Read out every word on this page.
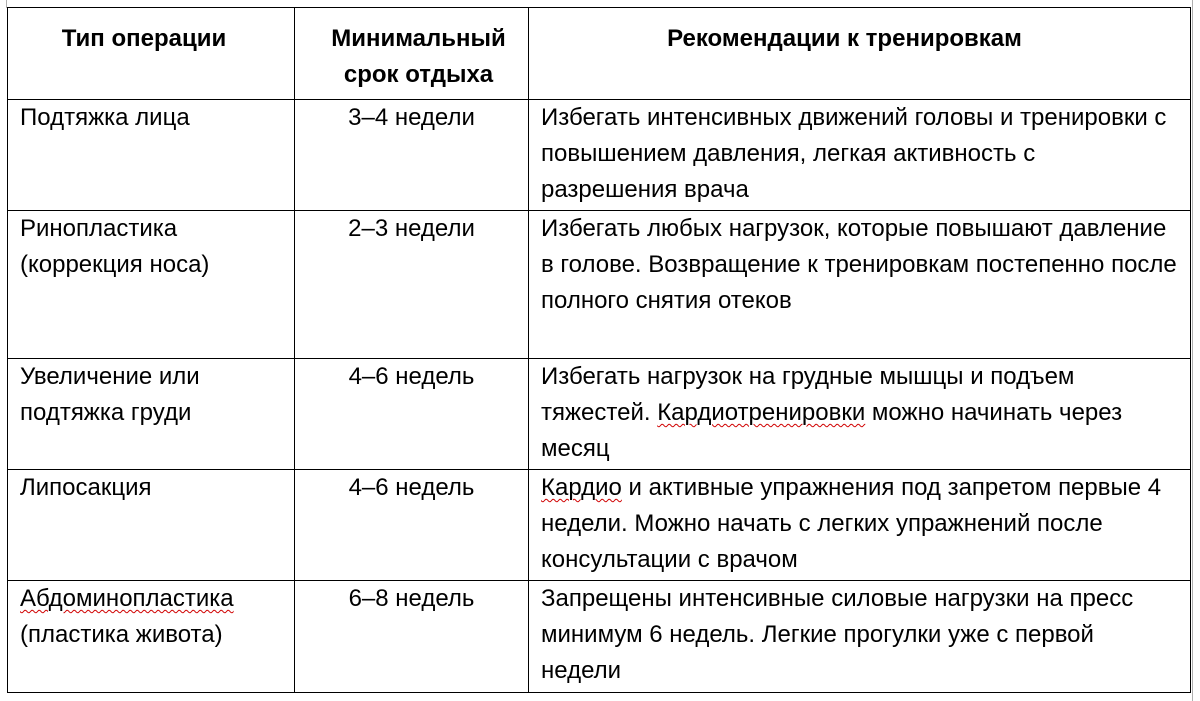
Тип операции	Минимальный срок отдыха	Рекомендации к тренировкам
Подтяжка лица	3–4 недели	Избегать интенсивных движений головы и тренировки с повышением давления, легкая активность с разрешения врача
Ринопластика (коррекция носа)	2–3 недели	Избегать любых нагрузок, которые повышают давление в голове. Возвращение к тренировкам постепенно после полного снятия отеков
Увеличение или подтяжка груди	4–6 недель	Избегать нагрузок на грудные мышцы и подъем тяжестей. Кардиотренировки можно начинать через месяц
Липосакция	4–6 недель	Кардио и активные упражнения под запретом первые 4 недели. Можно начать с легких упражнений после консультации с врачом
Абдоминопластика (пластика живота)	6–8 недель	Запрещены интенсивные силовые нагрузки на пресс минимум 6 недель. Легкие прогулки уже с первой недели
